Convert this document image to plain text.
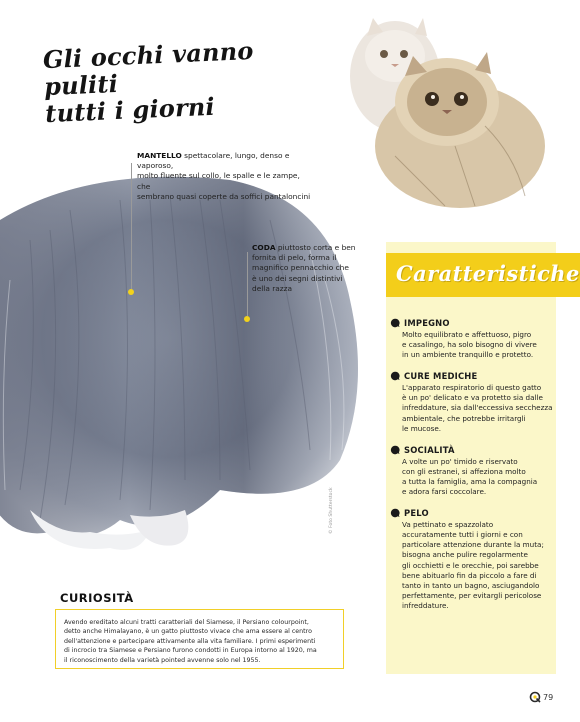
Gli occhi vanno puliti
tutti i giorni
MANTELLO spettacolare, lungo, denso e vaporoso,
molto fluente sul collo, le spalle e le zampe, che
sembrano quasi coperte da soffici pantaloncini
CODA piuttosto corta e ben
fornita di pelo, forma il
magnifico pennacchio che
è uno dei segni distintivi
della razza
© Foto Shutterstock
Caratteristiche
IMPEGNO
Molto equilibrato e affettuoso, pigro
e casalingo, ha solo bisogno di vivere
in un ambiente tranquillo e protetto.
CURE MEDICHE
L'apparato respiratorio di questo gatto
è un po' delicato e va protetto sia dalle
infreddature, sia dall'eccessiva secchezza
ambientale, che potrebbe irritargli
le mucose.
SOCIALITÀ
A volte un po' timido e riservato
con gli estranei, si affeziona molto
a tutta la famiglia, ama la compagnia
e adora farsi coccolare.
PELO
Va pettinato e spazzolato
accuratamente tutti i giorni e con
particolare attenzione durante la muta;
bisogna anche pulire regolarmente
gli occhietti e le orecchie, poi sarebbe
bene abituarlo fin da piccolo a fare di
tanto in tanto un bagno, asciugandolo
perfettamente, per evitargli pericolose
infreddature.
CURIOSITÀ
Avendo ereditato alcuni tratti caratteriali del Siamese, il Persiano colourpoint,
detto anche Himalayano, è un gatto piuttosto vivace che ama essere al centro
dell'attenzione e partecipare attivamente alla vita familiare. I primi esperimenti
di incrocio tra Siamese e Persiano furono condotti in Europa intorno al 1920, ma
il riconoscimento della varietà pointed avvenne solo nel 1955.
79
